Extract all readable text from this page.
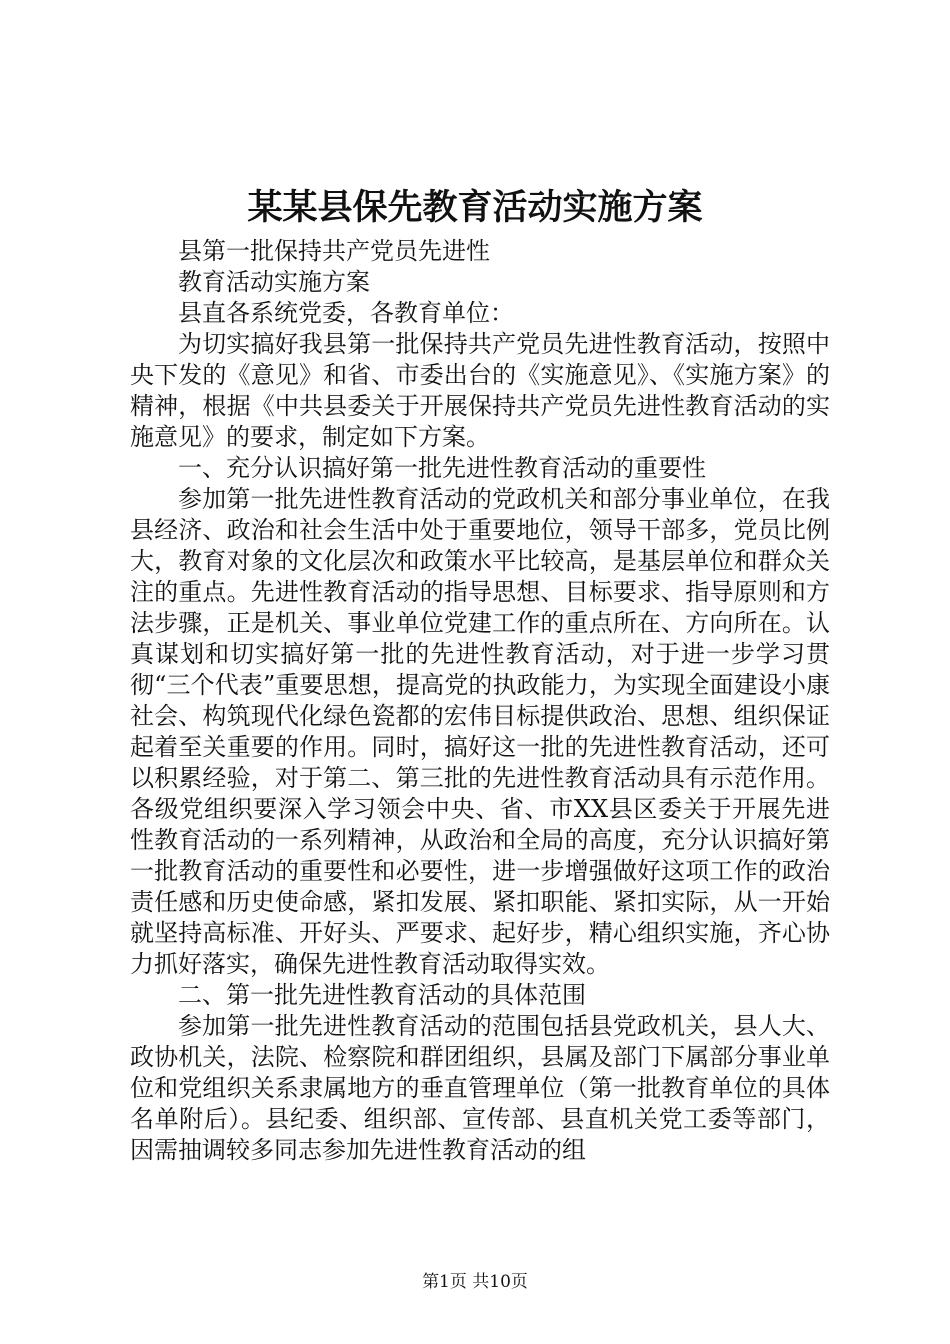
某某县保先教育活动实施方案

县第一批保持共产党员先进性

教育活动实施方案

县直各系统党委，各教育单位：

为切实搞好我县第一批保持共产党员先进性教育活动，按照中央下发的《意见》和省、市委出台的《实施意见》、《实施方案》的精神，根据《中共县委关于开展保持共产党员先进性教育活动的实施意见》的要求，制定如下方案。

一、充分认识搞好第一批先进性教育活动的重要性

参加第一批先进性教育活动的党政机关和部分事业单位，在我县经济、政治和社会生活中处于重要地位，领导干部多，党员比例大，教育对象的文化层次和政策水平比较高，是基层单位和群众关注的重点。先进性教育活动的指导思想、目标要求、指导原则和方法步骤，正是机关、事业单位党建工作的重点所在、方向所在。认真谋划和切实搞好第一批的先进性教育活动，对于进一步学习贯彻“三个代表”重要思想，提高党的执政能力，为实现全面建设小康社会、构筑现代化绿色瓷都的宏伟目标提供政治、思想、组织保证起着至关重要的作用。同时，搞好这一批的先进性教育活动，还可以积累经验，对于第二、第三批的先进性教育活动具有示范作用。各级党组织要深入学习领会中央、省、市XX县区委关于开展先进性教育活动的一系列精神，从政治和全局的高度，充分认识搞好第一批教育活动的重要性和必要性，进一步增强做好这项工作的政治责任感和历史使命感，紧扣发展、紧扣职能、紧扣实际，从一开始就坚持高标准、开好头、严要求、起好步，精心组织实施，齐心协力抓好落实，确保先进性教育活动取得实效。

二、第一批先进性教育活动的具体范围

参加第一批先进性教育活动的范围包括县党政机关，县人大、政协机关，法院、检察院和群团组织，县属及部门下属部分事业单位和党组织关系隶属地方的垂直管理单位（第一批教育单位的具体名单附后）。县纪委、组织部、宣传部、县直机关党工委等部门，因需抽调较多同志参加先进性教育活动的组

第1页 共10页
